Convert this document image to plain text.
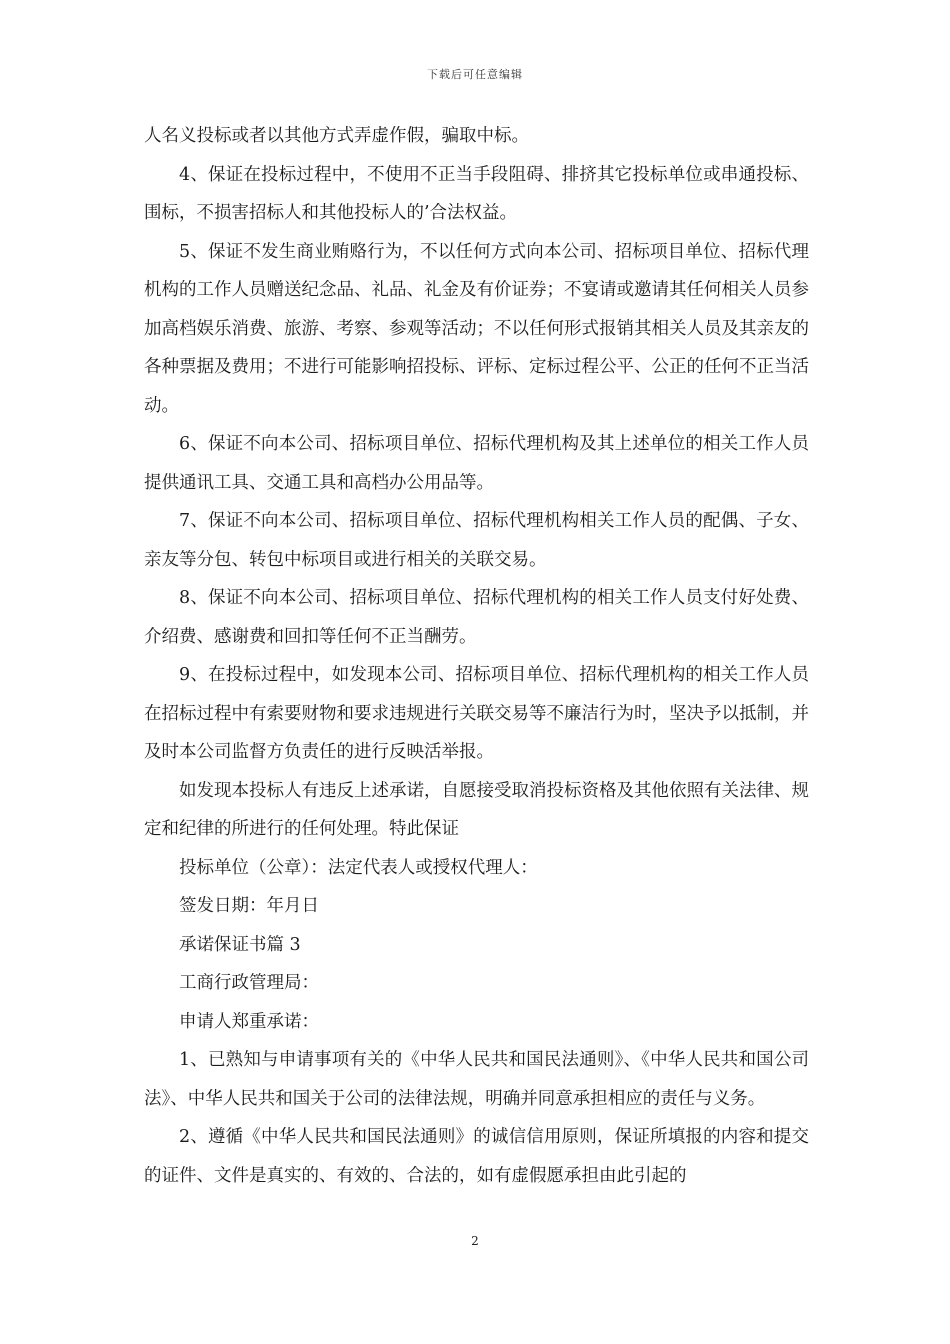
下载后可任意编辑

人名义投标或者以其他方式弄虚作假，骗取中标。

4、保证在投标过程中，不使用不正当手段阻碍、排挤其它投标单位或串通投标、围标，不损害招标人和其他投标人的’合法权益。

5、保证不发生商业贿赂行为，不以任何方式向本公司、招标项目单位、招标代理机构的工作人员赠送纪念品、礼品、礼金及有价证券；不宴请或邀请其任何相关人员参加高档娱乐消费、旅游、考察、参观等活动；不以任何形式报销其相关人员及其亲友的各种票据及费用；不进行可能影响招投标、评标、定标过程公平、公正的任何不正当活动。

6、保证不向本公司、招标项目单位、招标代理机构及其上述单位的相关工作人员提供通讯工具、交通工具和高档办公用品等。

7、保证不向本公司、招标项目单位、招标代理机构相关工作人员的配偶、子女、亲友等分包、转包中标项目或进行相关的关联交易。

8、保证不向本公司、招标项目单位、招标代理机构的相关工作人员支付好处费、介绍费、感谢费和回扣等任何不正当酬劳。

9、在投标过程中，如发现本公司、招标项目单位、招标代理机构的相关工作人员在招标过程中有索要财物和要求违规进行关联交易等不廉洁行为时，坚决予以抵制，并及时本公司监督方负责任的进行反映活举报。

如发现本投标人有违反上述承诺，自愿接受取消投标资格及其他依照有关法律、规定和纪律的所进行的任何处理。特此保证

投标单位（公章）：法定代表人或授权代理人：

签发日期：年月日

承诺保证书篇 3

工商行政管理局：

申请人郑重承诺：

1、已熟知与申请事项有关的《中华人民共和国民法通则》、《中华人民共和国公司法》、中华人民共和国关于公司的法律法规，明确并同意承担相应的责任与义务。

2、遵循《中华人民共和国民法通则》的诚信信用原则，保证所填报的内容和提交的证件、文件是真实的、有效的、合法的，如有虚假愿承担由此引起的

2
